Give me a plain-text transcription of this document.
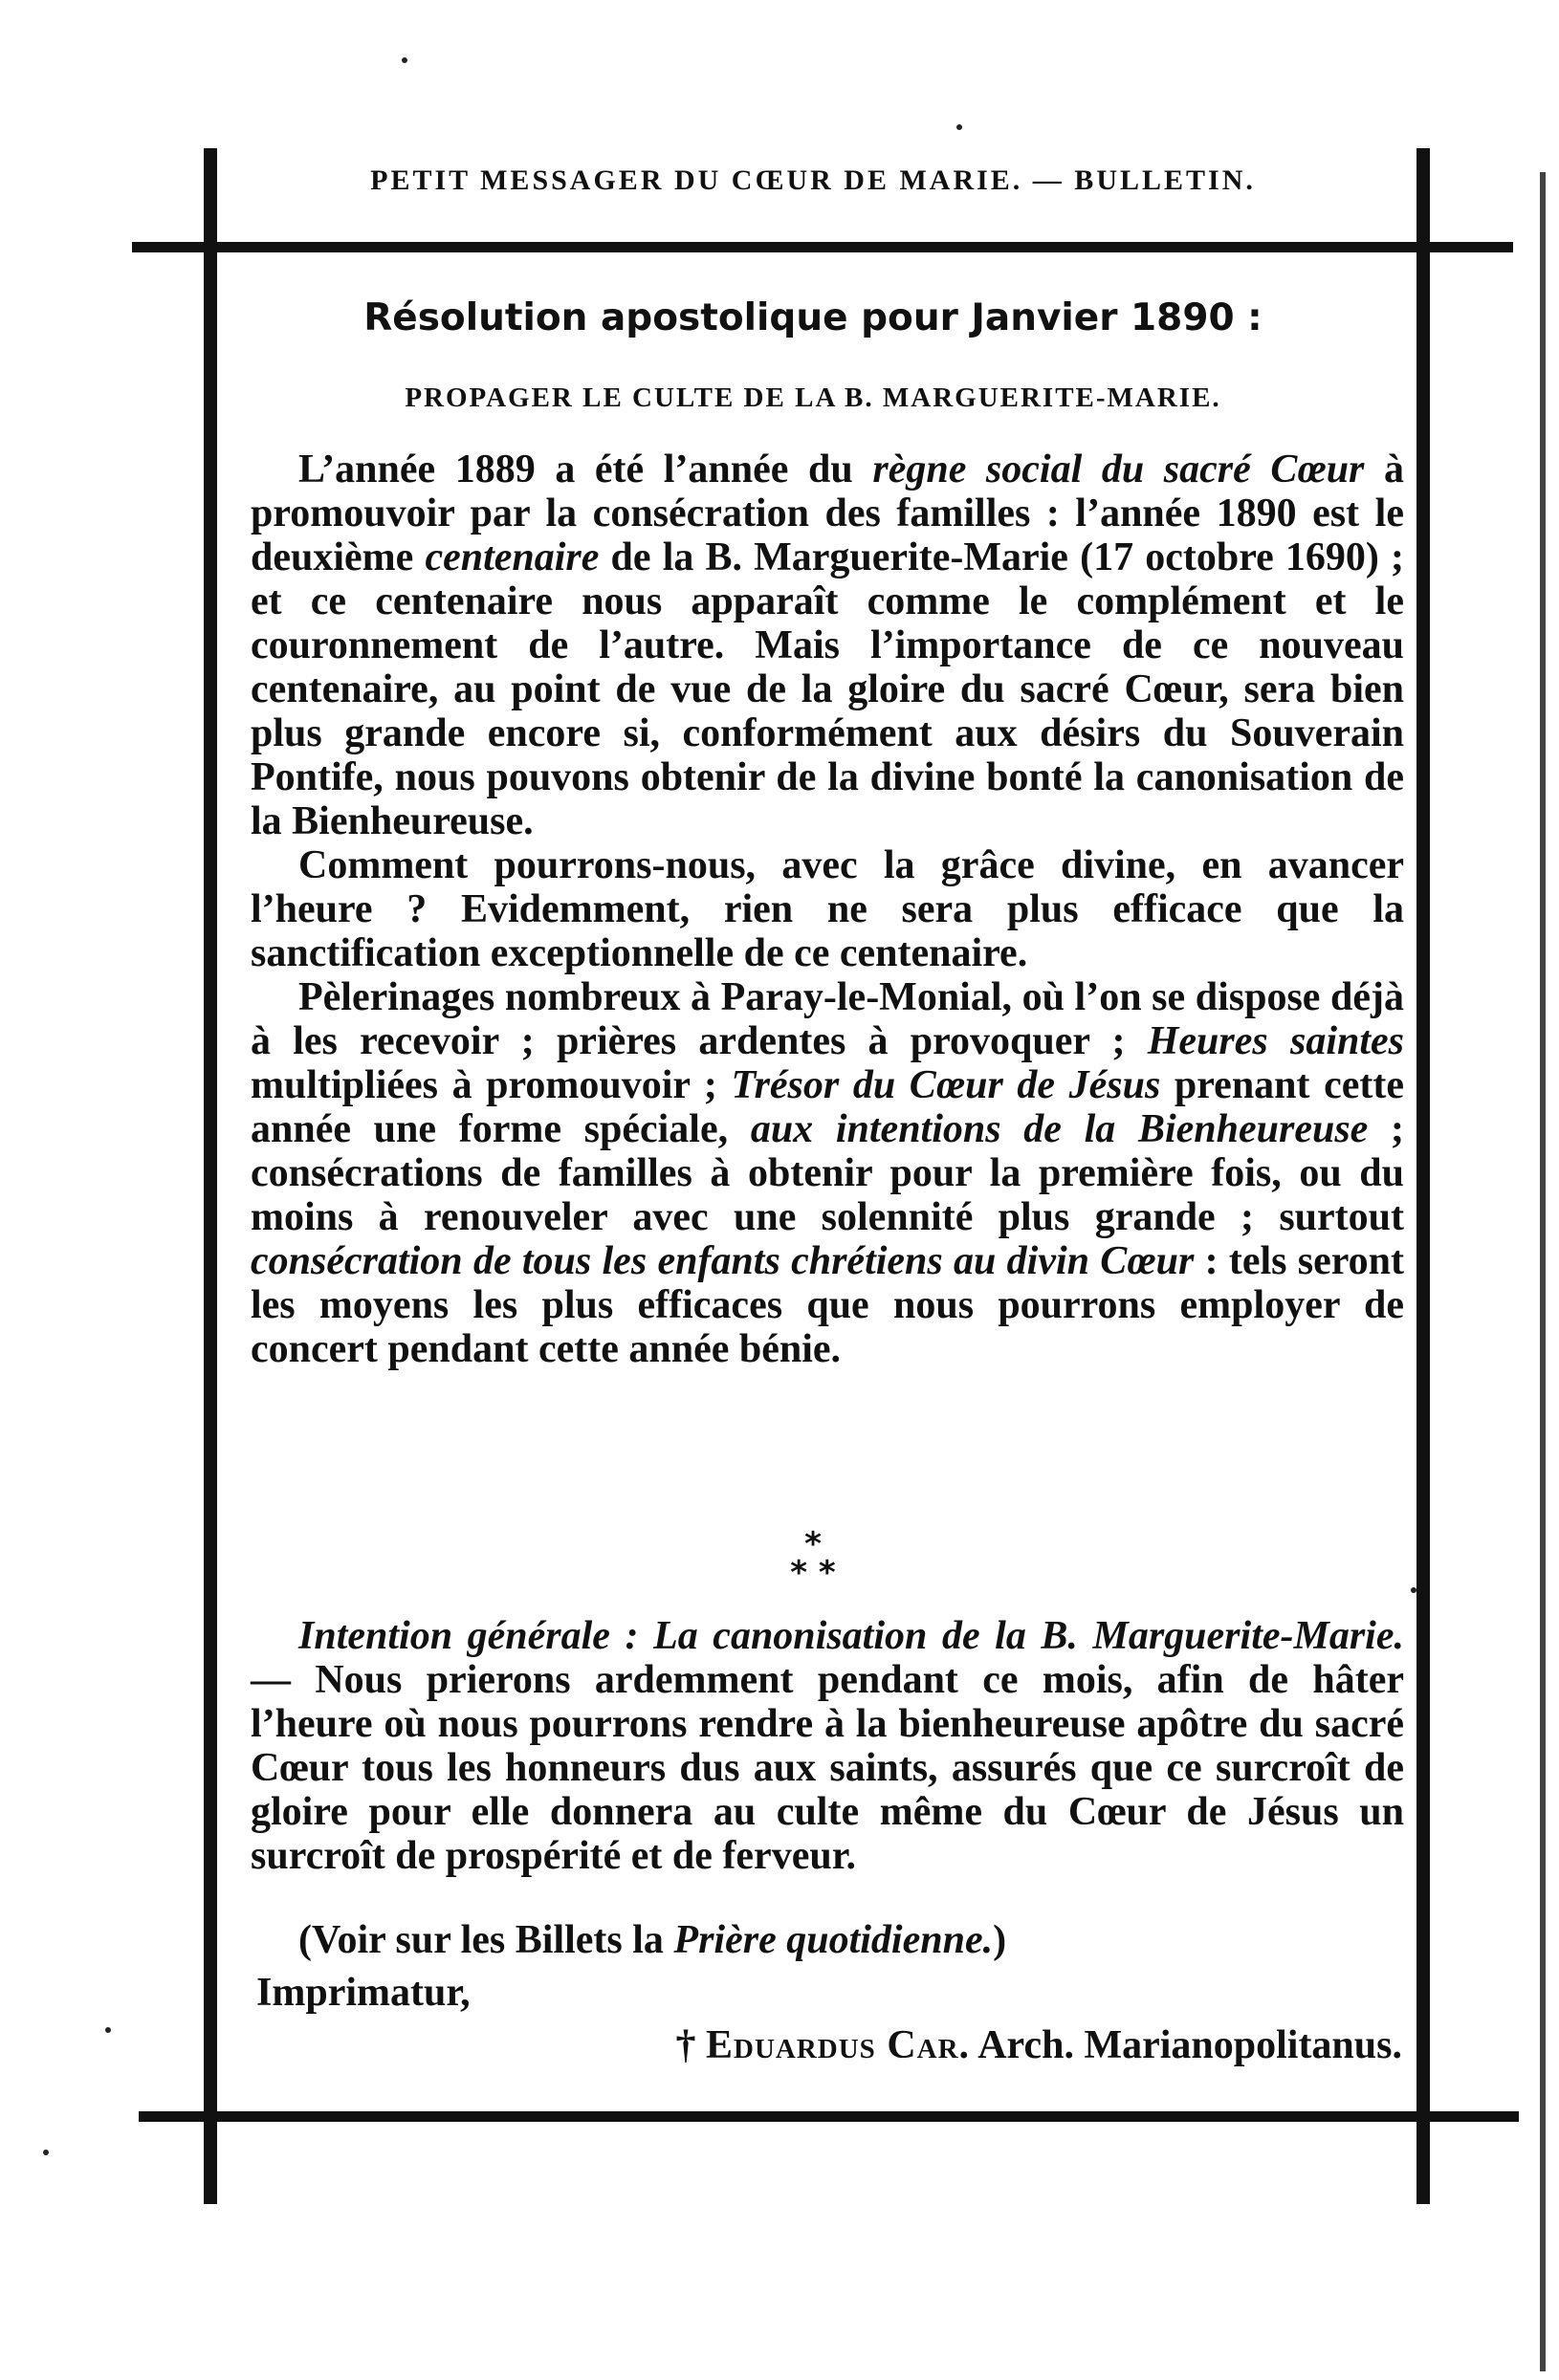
PETIT MESSAGER DU CŒUR DE MARIE. — BULLETIN.
Résolution apostolique pour Janvier 1890 :
PROPAGER LE CULTE DE LA B. MARGUERITE-MARIE.

L’année 1889 a été l’année du règne social du sacré Cœur à promouvoir par la consécration des familles : l’année 1890 est le deuxième centenaire de la B. Marguerite-Marie (17 octobre 1690) ; et ce centenaire nous apparaît comme le complément et le couronnement de l’autre. Mais l’importance de ce nouveau centenaire, au point de vue de la gloire du sacré Cœur, sera bien plus grande encore si, conformément aux désirs du Souverain Pontife, nous pouvons obtenir de la divine bonté la canonisation de la Bienheureuse.

Comment pourrons-nous, avec la grâce divine, en avancer l’heure ? Evidemment, rien ne sera plus efficace que la sanctification exceptionnelle de ce centenaire.

Pèlerinages nombreux à Paray-le-Monial, où l’on se dispose déjà à les recevoir ; prières ardentes à provoquer ; Heures saintes multipliées à promouvoir ; Trésor du Cœur de Jésus prenant cette année une forme spéciale, aux intentions de la Bienheureuse ; consécrations de familles à obtenir pour la première fois, ou du moins à renouveler avec une solennité plus grande ; surtout consécration de tous les enfants chrétiens au divin Cœur : tels seront les moyens les plus efficaces que nous pourrons employer de concert pendant cette année bénie.

*
* *

Intention générale : La canonisation de la B. Marguerite-Marie. — Nous prierons ardemment pendant ce mois, afin de hâter l’heure où nous pourrons rendre à la bienheureuse apôtre du sacré Cœur tous les honneurs dus aux saints, assurés que ce surcroît de gloire pour elle donnera au culte même du Cœur de Jésus un surcroît de prospérité et de ferveur.

(Voir sur les Billets la Prière quotidienne.)
Imprimatur,
† Eduardus Car. Arch. Marianopolitanus.
